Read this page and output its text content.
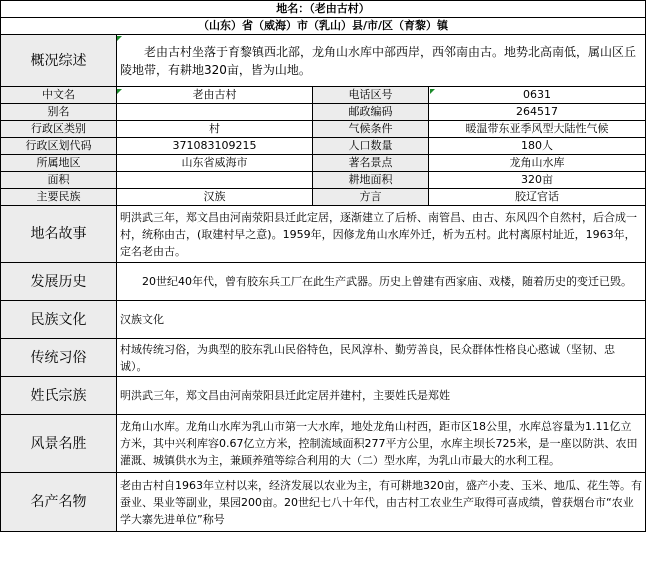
地名：（老由古村）			
（山东）省（威海）市（乳山）县/市/区（育黎）镇			
概况综述	老由古村坐落于育黎镇西北部，龙角山水库中部西岸，西邻南由古。地势北高南低，属山区丘陵地带，有耕地320亩，皆为山地。		
中文名	老由古村	电话区号	0631
别名		邮政编码	264517
行政区类别	村	气候条件	暖温带东亚季风型大陆性气候
行政区划代码	371083109215	人口数量	180人
所属地区	山东省威海市	著名景点	龙角山水库
面积		耕地面积	320亩
主要民族	汉族	方言	胶辽官话
地名故事	明洪武三年，郑文昌由河南荥阳县迁此定居，逐渐建立了后桥、南管昌、由古、东风四个自然村，后合成一村，统称由古，(取建村早之意)。1959年，因修龙角山水库外迁，析为五村。此村离原村址近，1963年，定名老由古。		
发展历史	20世纪40年代，曾有胶东兵工厂在此生产武器。历史上曾建有西家庙、戏楼，随着历史的变迁已毁。		
民族文化	汉族文化		
传统习俗	村域传统习俗，为典型的胶东乳山民俗特色，民风淳朴、勤劳善良，民众群体性格良心憨诚（坚韧、忠诚）。		
姓氏宗族	明洪武三年，郑文昌由河南荥阳县迁此定居并建村，主要姓氏是郑姓		
风景名胜	龙角山水库。龙角山水库为乳山市第一大水库，地处龙角山村西，距市区18公里，水库总容量为1.11亿立方米，其中兴利库容0.67亿立方米，控制流域面积277平方公里，水库主坝长725米，是一座以防洪、农田灌溉、城镇供水为主，兼顾养殖等综合利用的大（二）型水库，为乳山市最大的水利工程。		
名产名物	老由古村自1963年立村以来，经济发展以农业为主，有可耕地320亩，盛产小麦、玉米、地瓜、花生等。有蚕业、果业等副业，果园200亩。20世纪七八十年代，由古村工农业生产取得可喜成绩，曾获烟台市“农业学大寨先进单位”称号		
